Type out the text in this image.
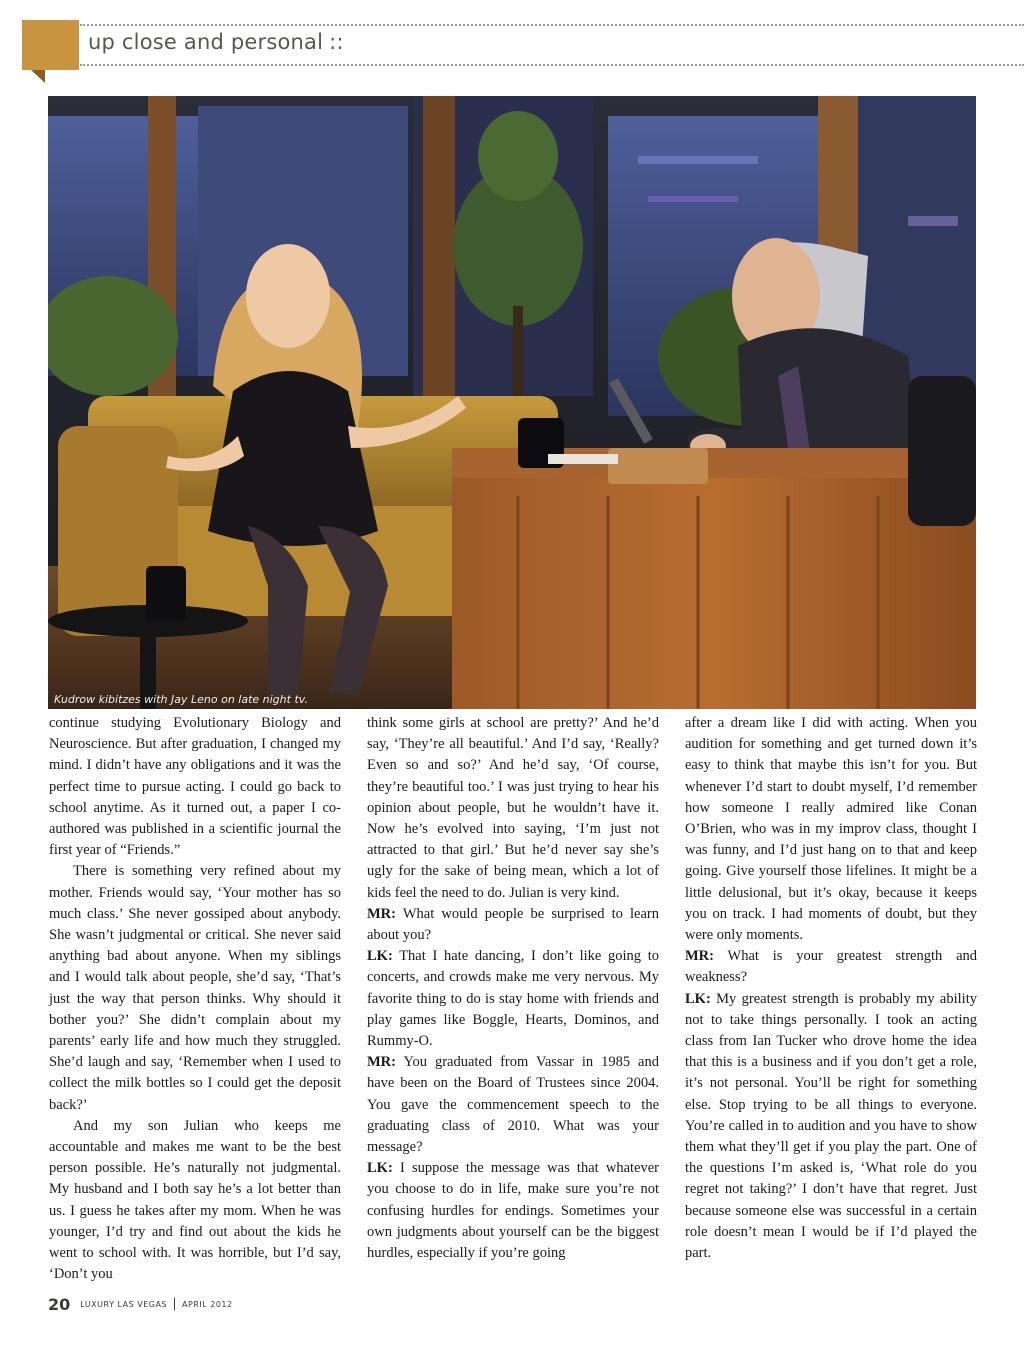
up close and personal ::
Kudrow kibitzes with Jay Leno on late night tv.

continue studying Evolutionary Biology and Neuroscience. But after graduation, I changed my mind. I didn’t have any obligations and it was the perfect time to pursue acting. I could go back to school anytime. As it turned out, a paper I co-authored was published in a scientific journal the first year of “Friends.”

There is something very refined about my mother. Friends would say, ‘Your mother has so much class.’ She never gossiped about anybody. She wasn’t judgmental or critical. She never said anything bad about anyone. When my siblings and I would talk about people, she’d say, ‘That’s just the way that person thinks. Why should it bother you?’ She didn’t complain about my parents’ early life and how much they struggled. She’d laugh and say, ‘Remember when I used to collect the milk bottles so I could get the deposit back?’

And my son Julian who keeps me accountable and makes me want to be the best person possible. He’s naturally not judgmental. My husband and I both say he’s a lot better than us. I guess he takes after my mom. When he was younger, I’d try and find out about the kids he went to school with. It was horrible, but I’d say, ‘Don’t you

think some girls at school are pretty?’ And he’d say, ‘They’re all beautiful.’ And I’d say, ‘Really? Even so and so?’ And he’d say, ‘Of course, they’re beautiful too.’ I was just trying to hear his opinion about people, but he wouldn’t have it. Now he’s evolved into saying, ‘I’m just not attracted to that girl.’ But he’d never say she’s ugly for the sake of being mean, which a lot of kids feel the need to do. Julian is very kind.

MR: What would people be surprised to learn about you?

LK: That I hate dancing, I don’t like going to concerts, and crowds make me very nervous. My favorite thing to do is stay home with friends and play games like Boggle, Hearts, Dominos, and Rummy-O.

MR: You graduated from Vassar in 1985 and have been on the Board of Trustees since 2004. You gave the commencement speech to the graduating class of 2010. What was your message?

LK: I suppose the message was that whatever you choose to do in life, make sure you’re not confusing hurdles for endings. Sometimes your own judgments about yourself can be the biggest hurdles, especially if you’re going

after a dream like I did with acting. When you audition for something and get turned down it’s easy to think that maybe this isn’t for you. But whenever I’d start to doubt myself, I’d remember how someone I really admired like Conan O’Brien, who was in my improv class, thought I was funny, and I’d just hang on to that and keep going. Give yourself those lifelines. It might be a little delusional, but it’s okay, because it keeps you on track. I had moments of doubt, but they were only moments.

MR: What is your greatest strength and weakness?

LK: My greatest strength is probably my ability not to take things personally. I took an acting class from Ian Tucker who drove home the idea that this is a business and if you don’t get a role, it’s not personal. You’ll be right for something else. Stop trying to be all things to everyone. You’re called in to audition and you have to show them what they’ll get if you play the part. One of the questions I’m asked is, ‘What role do you regret not taking?’ I don’t have that regret. Just because someone else was successful in a certain role doesn’t mean I would be if I’d played the part.

20 LUXURY LAS VEGAS APRIL 2012
